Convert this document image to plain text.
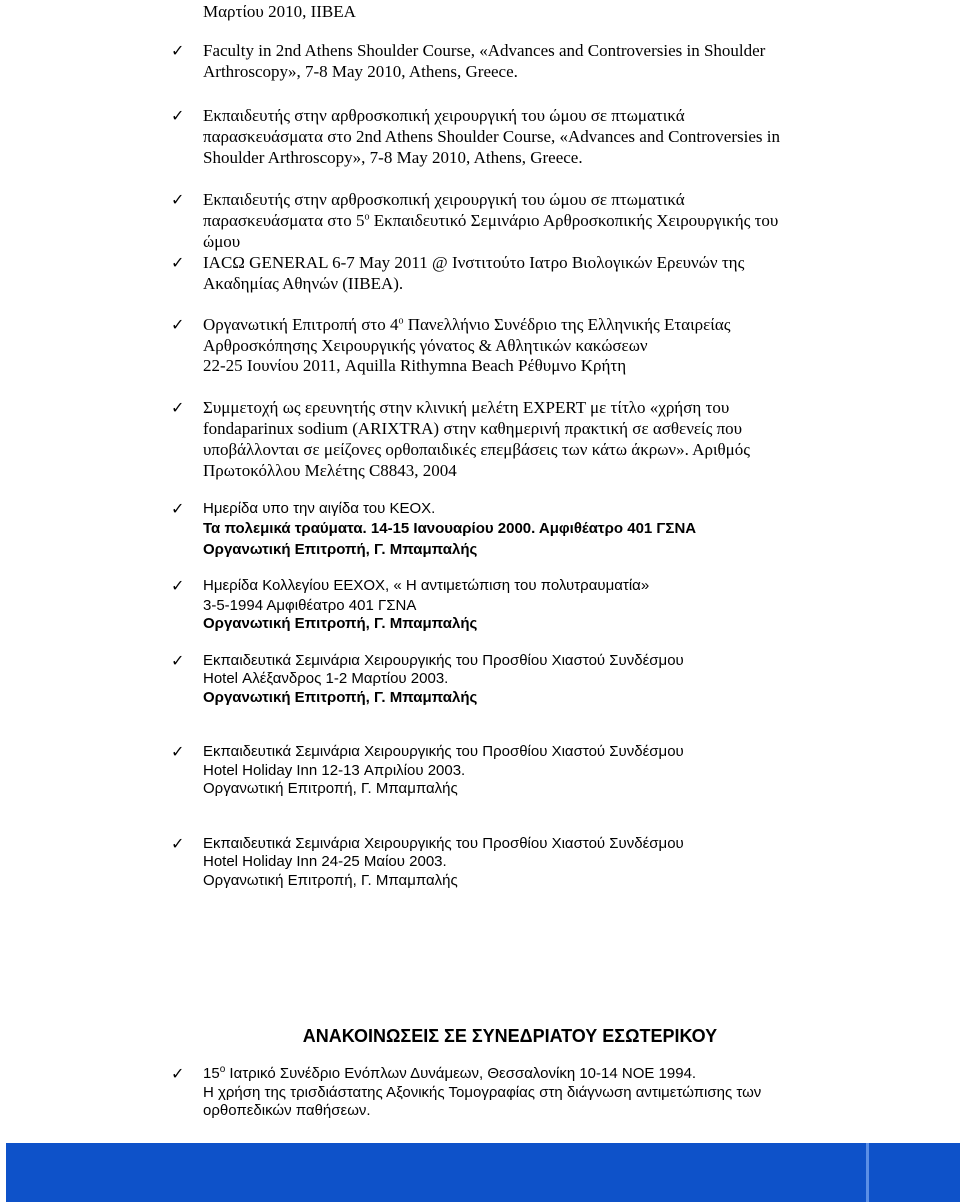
Μαρτίου 2010, IIBEA
✓ Faculty in 2nd Athens Shoulder Course, «Advances and Controversies in Shoulder
Arthroscopy», 7-8 May 2010, Athens, Greece.
✓ Εκπαιδευτής στην αρθροσκοπική χειρουργική του ώμου σε πτωματικά
παρασκευάσματα στο 2nd Athens Shoulder Course, «Advances and Controversies in
Shoulder Arthroscopy», 7-8 May 2010, Athens, Greece.
✓ Εκπαιδευτής στην αρθροσκοπική χειρουργική του ώμου σε πτωματικά
παρασκευάσματα στο $5^o$ Εκπαιδευτικό Σεμινάριο Αρθροσκοπικής Χειρουργικής του
ώμου
✓ IACΩ GENERAL 6-7 May 2011 @ Ινστιτούτο Ιατρο Βιολογικών Ερευνών της
Ακαδημίας Αθηνών (IIBEA).
✓ Οργανωτική Επιτροπή στο $4^o$ Πανελλήνιο Συνέδριο της Ελληνικής Εταιρείας
Αρθροσκόπησης Χειρουργικής γόνατος & Αθλητικών κακώσεων
22-25 Ιουνίου 2011, Aquilla Rithymna Beach Ρέθυμνο Κρήτη
✓ Συμμετοχή ως ερευνητής στην κλινική μελέτη EXPERT με τίτλο «χρήση του
fondaparinux sodium (ARIXTRA) στην καθημερινή πρακτική σε ασθενείς που
υποβάλλονται σε μείζονες ορθοπαιδικές επεμβάσεις των κάτω άκρων». Αριθμός
Πρωτοκόλλου Μελέτης C8843, 2004
✓ Ημερίδα υπο την αιγίδα του ΚΕΟΧ.
Τα πολεμικά τραύματα. 14-15 Ιανουαρίου 2000. Αμφιθέατρο 401 ΓΣΝΑ
Οργανωτική Επιτροπή, Γ. Μπαμπαλής
✓ Ημερίδα Κολλεγίου ΕΕΧΟΧ, « Η αντιμετώπιση του πολυτραυματία»
3-5-1994 Αμφιθέατρο 401 ΓΣΝΑ
Οργανωτική Επιτροπή, Γ. Μπαμπαλής
✓ Εκπαιδευτικά Σεμινάρια Χειρουργικής του Προσθίου Χιαστού Συνδέσμου
Hotel Αλέξανδρος 1-2 Μαρτίου 2003.
Οργανωτική Επιτροπή, Γ. Μπαμπαλής
✓ Εκπαιδευτικά Σεμινάρια Χειρουργικής του Προσθίου Χιαστού Συνδέσμου
Hotel Holiday Inn 12-13 Απριλίου 2003.
Οργανωτική Επιτροπή, Γ. Μπαμπαλής
✓ Εκπαιδευτικά Σεμινάρια Χειρουργικής του Προσθίου Χιαστού Συνδέσμου
Hotel Holiday Inn 24-25 Μαίου 2003.
Οργανωτική Επιτροπή, Γ. Μπαμπαλής
ΑΝΑΚΟΙΝΩΣΕΙΣ ΣΕ ΣΥΝΕΔΡΙΑΤΟΥ ΕΣΩΤΕΡΙΚΟΥ
✓ $15^o$ Ιατρικό Συνέδριο Ενόπλων Δυνάμεων, Θεσσαλονίκη 10-14 ΝΟΕ 1994.
Η χρήση της τρισδιάστατης Αξονικής Τομογραφίας στη διάγνωση αντιμετώπισης των
ορθοπεδικών παθήσεων.
